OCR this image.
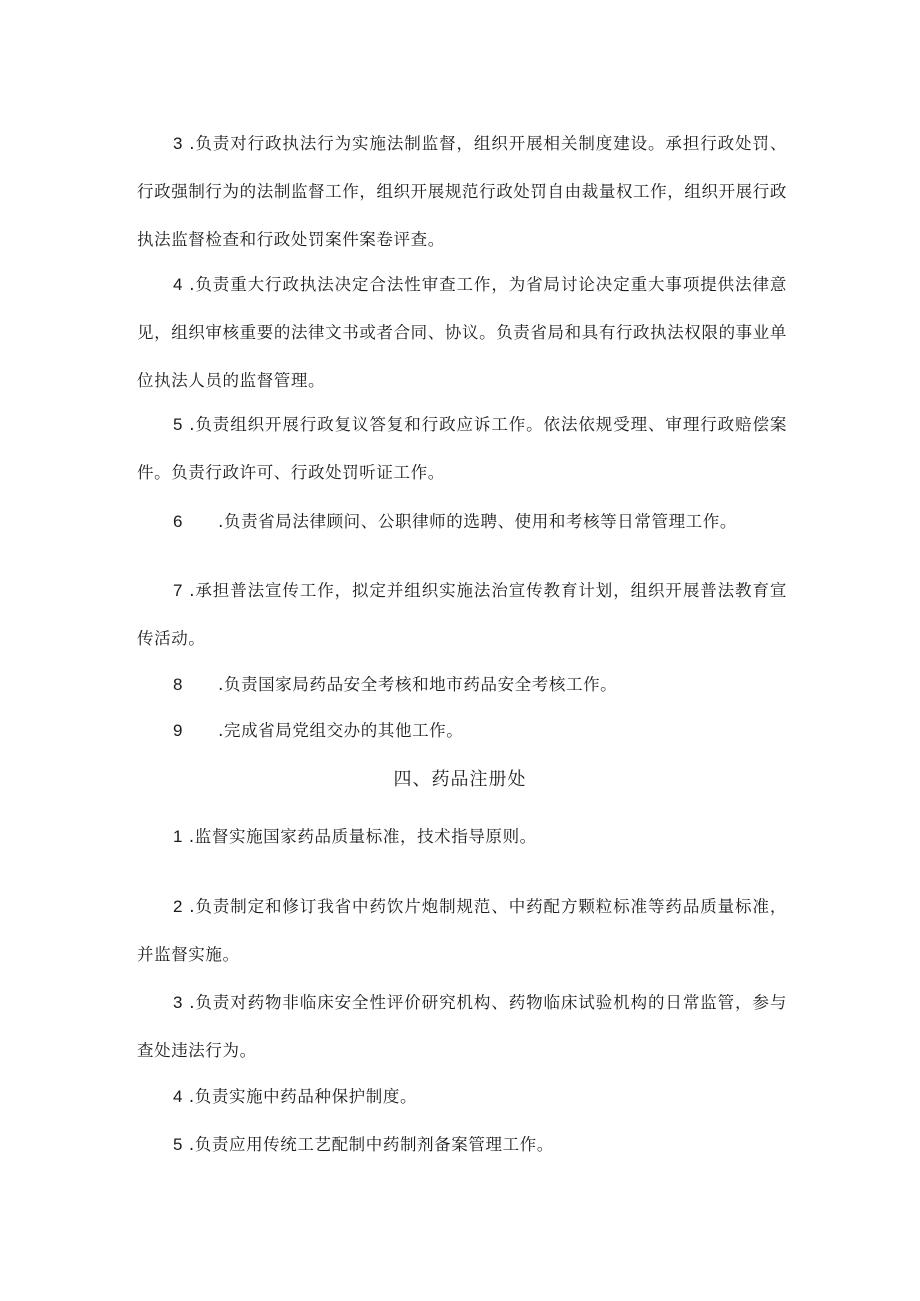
3 .负责对行政执法行为实施法制监督，组织开展相关制度建设。承担行政处罚、行政强制行为的法制监督工作，组织开展规范行政处罚自由裁量权工作，组织开展行政执法监督检查和行政处罚案件案卷评查。

4 .负责重大行政执法决定合法性审查工作，为省局讨论决定重大事项提供法律意见，组织审核重要的法律文书或者合同、协议。负责省局和具有行政执法权限的事业单位执法人员的监督管理。

5 .负责组织开展行政复议答复和行政应诉工作。依法依规受理、审理行政赔偿案件。负责行政许可、行政处罚听证工作。

6      .负责省局法律顾问、公职律师的选聘、使用和考核等日常管理工作。

7 .承担普法宣传工作，拟定并组织实施法治宣传教育计划，组织开展普法教育宣传活动。

8      .负责国家局药品安全考核和地市药品安全考核工作。

9      .完成省局党组交办的其他工作。

四、药品注册处

1 .监督实施国家药品质量标准，技术指导原则。

2 .负责制定和修订我省中药饮片炮制规范、中药配方颗粒标准等药品质量标准，并监督实施。

3 .负责对药物非临床安全性评价研究机构、药物临床试验机构的日常监管，参与查处违法行为。

4 .负责实施中药品种保护制度。

5 .负责应用传统工艺配制中药制剂备案管理工作。
